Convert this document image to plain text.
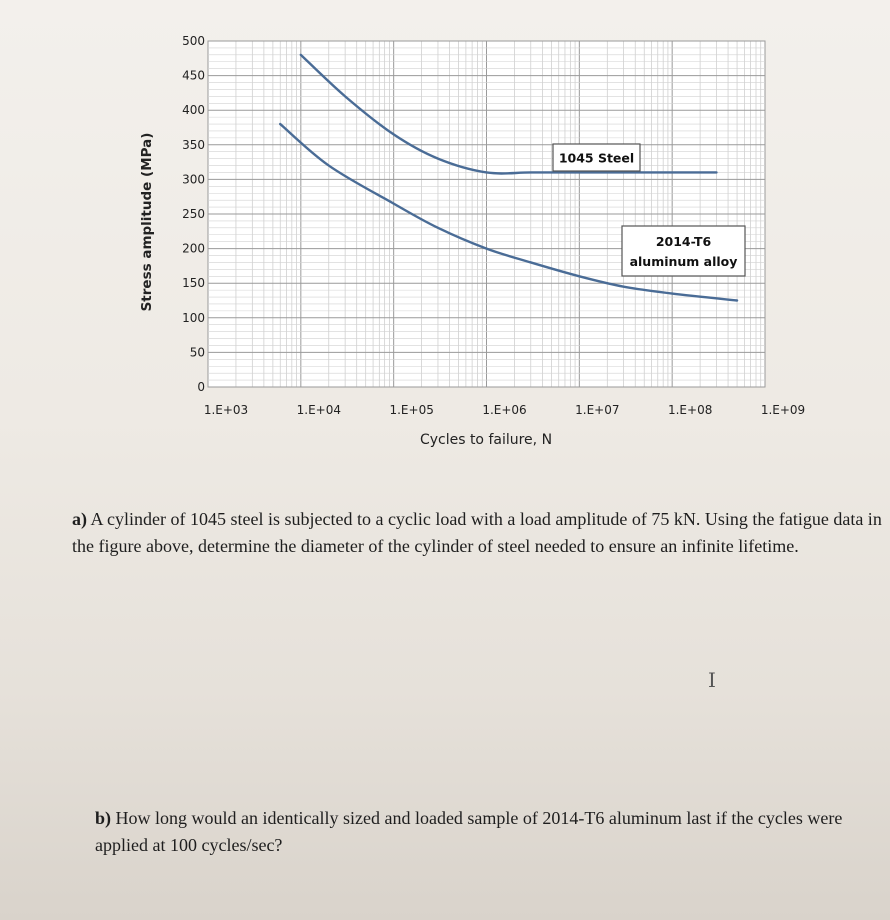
1045 Steel
2014-T6
aluminum alloy
0
50
100
150
200
250
300
350
400
450
500
1.E+03	1.E+04	1.E+05	1.E+06	1.E+07	1.E+08	1.E+09
Cycles to failure, N
Stress amplitude (MPa)
a) A cylinder of 1045 steel is subjected to a cyclic load with a load amplitude of 75 kN. Using the fatigue data in the figure above, determine the diameter of the cylinder of steel needed to ensure an infinite lifetime.
I
b) How long would an identically sized and loaded sample of 2014-T6 aluminum last if the cycles were applied at 100 cycles/sec?
